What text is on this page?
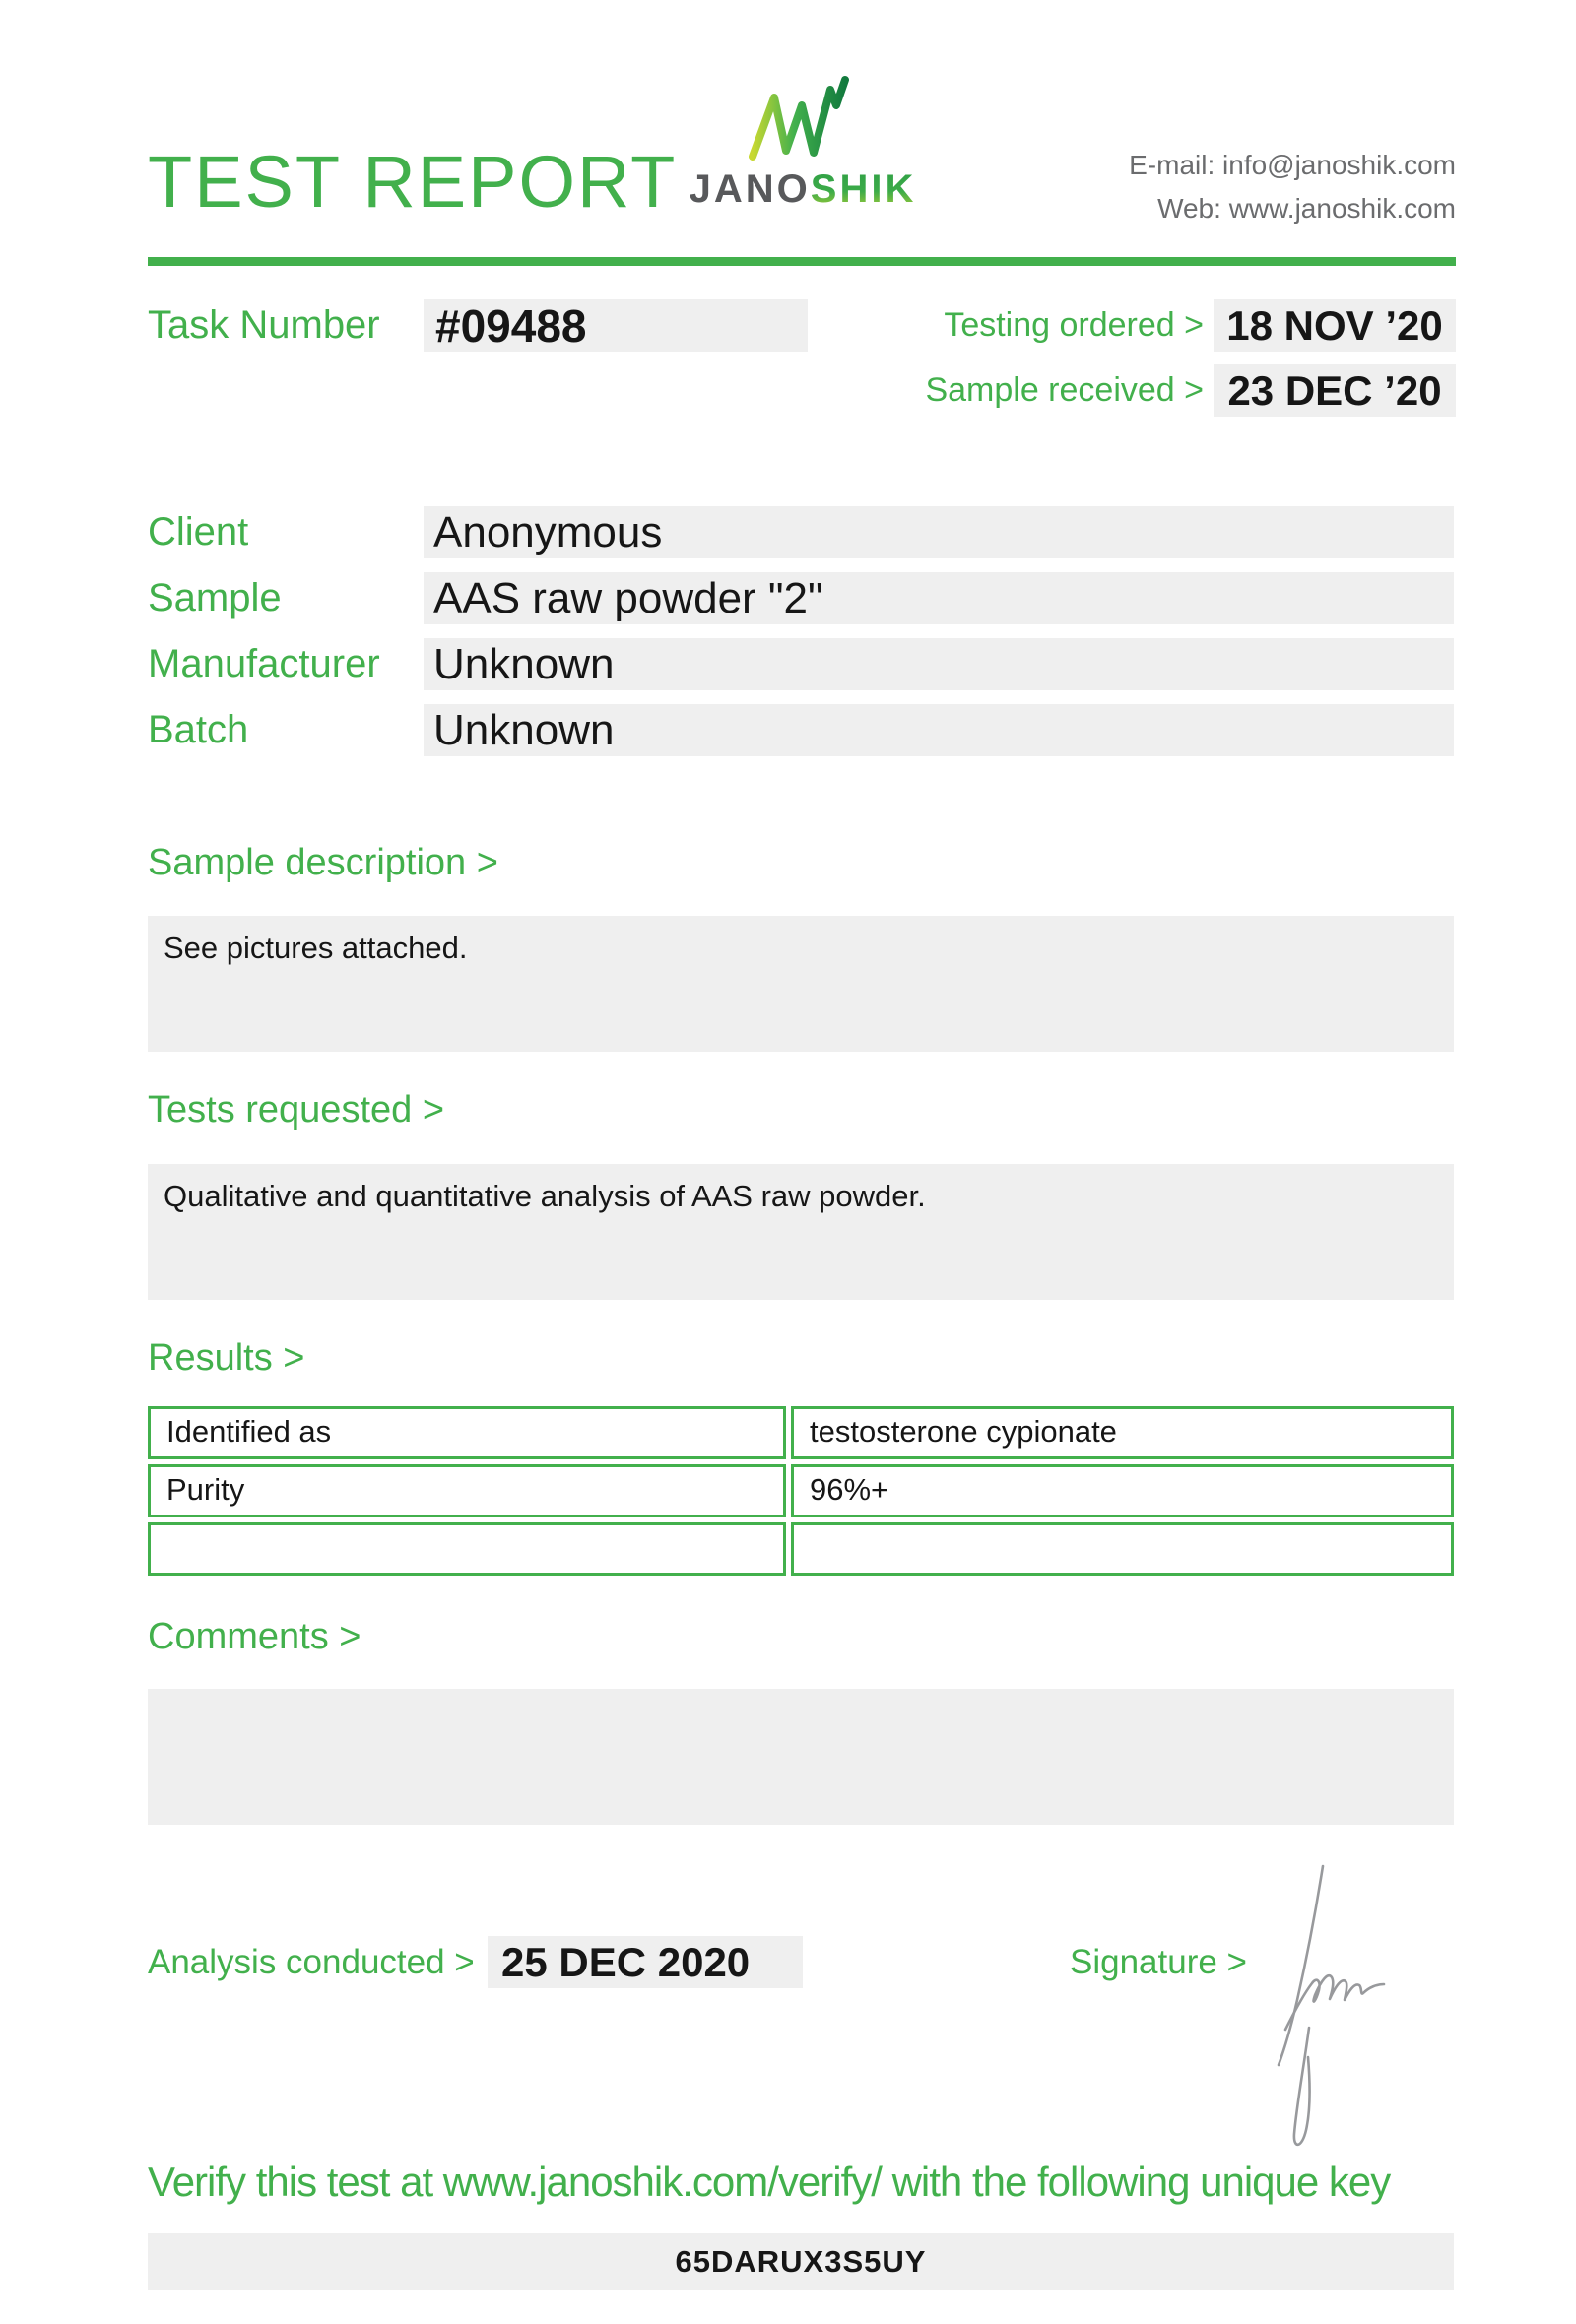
TEST REPORT JANOSHIK
E-mail: info@janoshik.com
Web: www.janoshik.com
Task Number #09488	Testing ordered > 18 NOV ’20
Sample received > 23 DEC ’20
Client	Anonymous
Sample	AAS raw powder "2"
Manufacturer Unknown
Batch	Unknown
Sample description >
See pictures attached.
Tests requested >
Qualitative and quantitative analysis of AAS raw powder.
Results >
Identified as	testosterone cypionate
Purity	96%+
Comments >
Analysis conducted > 25 DEC 2020	Signature >
Verify this test at www.janoshik.com/verify/ with the following unique key
65DARUX3S5UY
